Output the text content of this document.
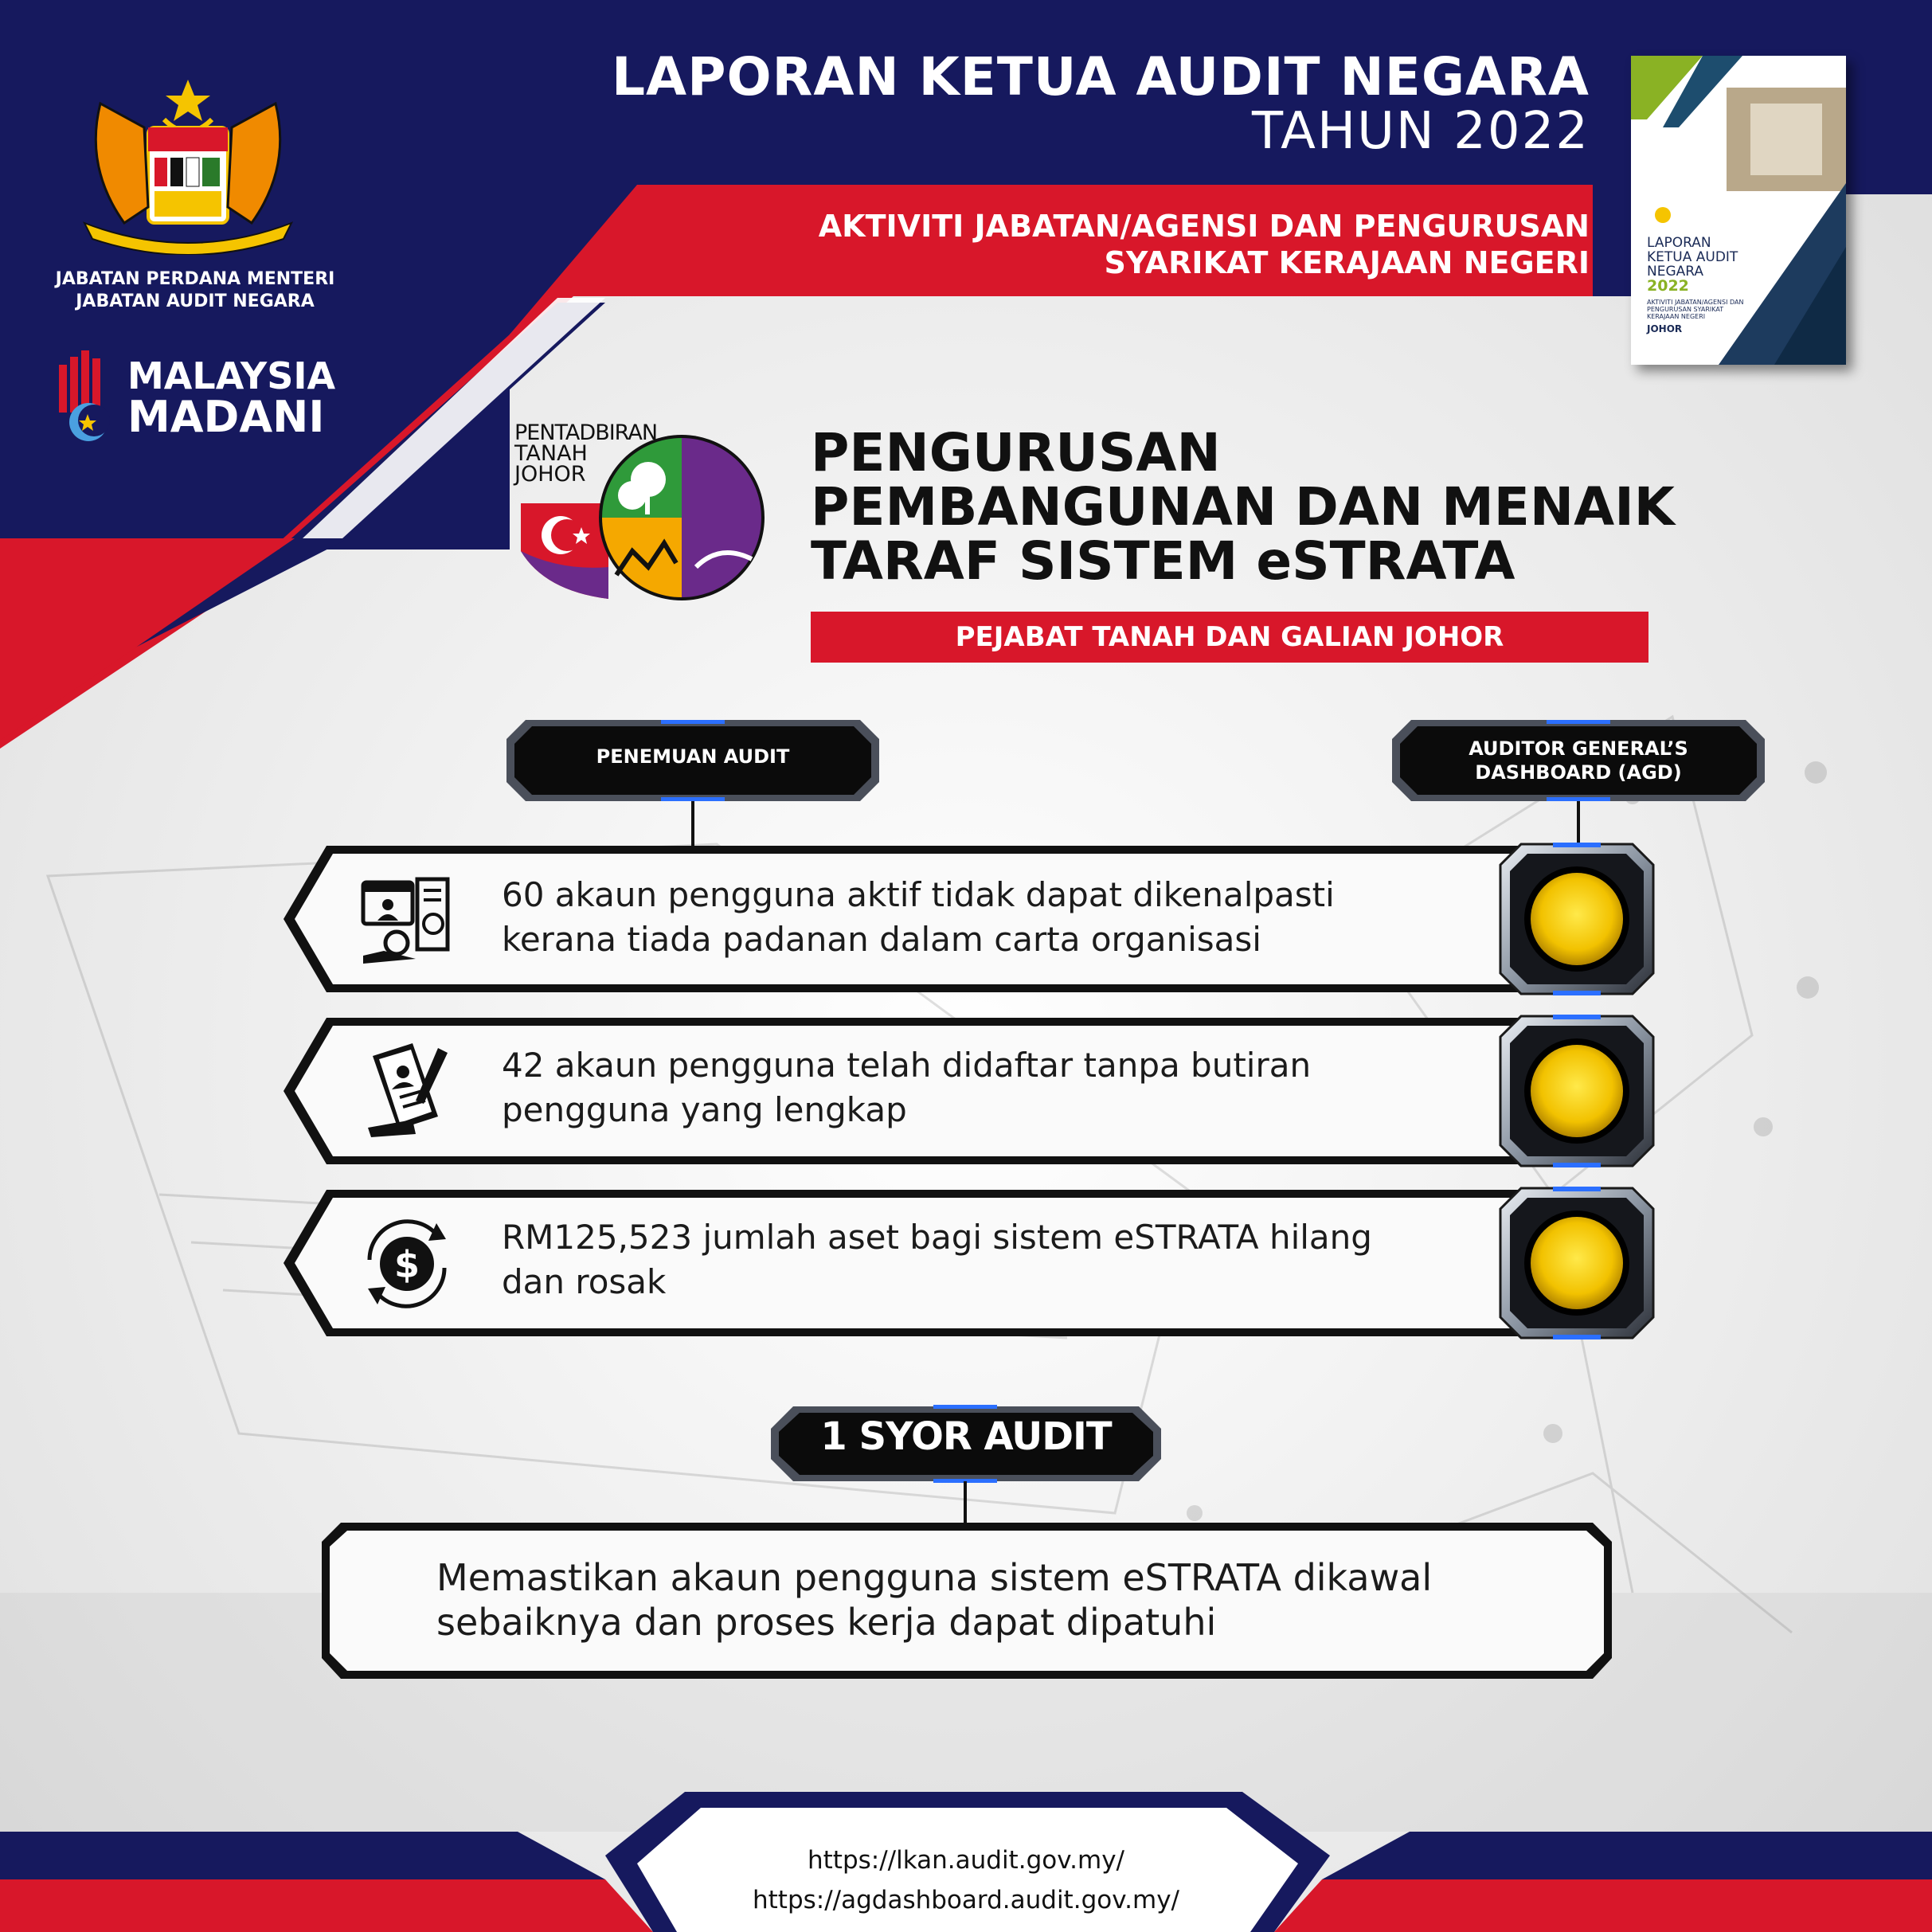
JABATAN PERDANA MENTERI
JABATAN AUDIT NEGARA
MALAYSIA
MADANI
LAPORAN KETUA AUDIT NEGARA
TAHUN 2022
AKTIVITI JABATAN/AGENSI DAN PENGURUSAN
SYARIKAT KERAJAAN NEGERI
LAPORAN
KETUA AUDIT
NEGARA
2022
AKTIVITI JABATAN/AGENSI DAN PENGURUSAN SYARIKAT KERAJAAN NEGERI
JOHOR
PENTADBIRAN
TANAH
JOHOR	PENGURUSAN
PEMBANGUNAN DAN MENAIK
TARAF SISTEM eSTRATA
PEJABAT TANAH DAN GALIAN JOHOR
PENEMUAN AUDIT	AUDITOR GENERAL’S
DASHBOARD (AGD)
$
60 akaun pengguna aktif tidak dapat dikenalpasti
kerana tiada padanan dalam carta organisasi
42 akaun pengguna telah didaftar tanpa butiran
pengguna yang lengkap
RM125,523 jumlah aset bagi sistem eSTRATA hilang
dan rosak
1 SYOR AUDIT
Memastikan akaun pengguna sistem eSTRATA dikawal
sebaiknya dan proses kerja dapat dipatuhi
https://lkan.audit.gov.my/
https://agdashboard.audit.gov.my/
